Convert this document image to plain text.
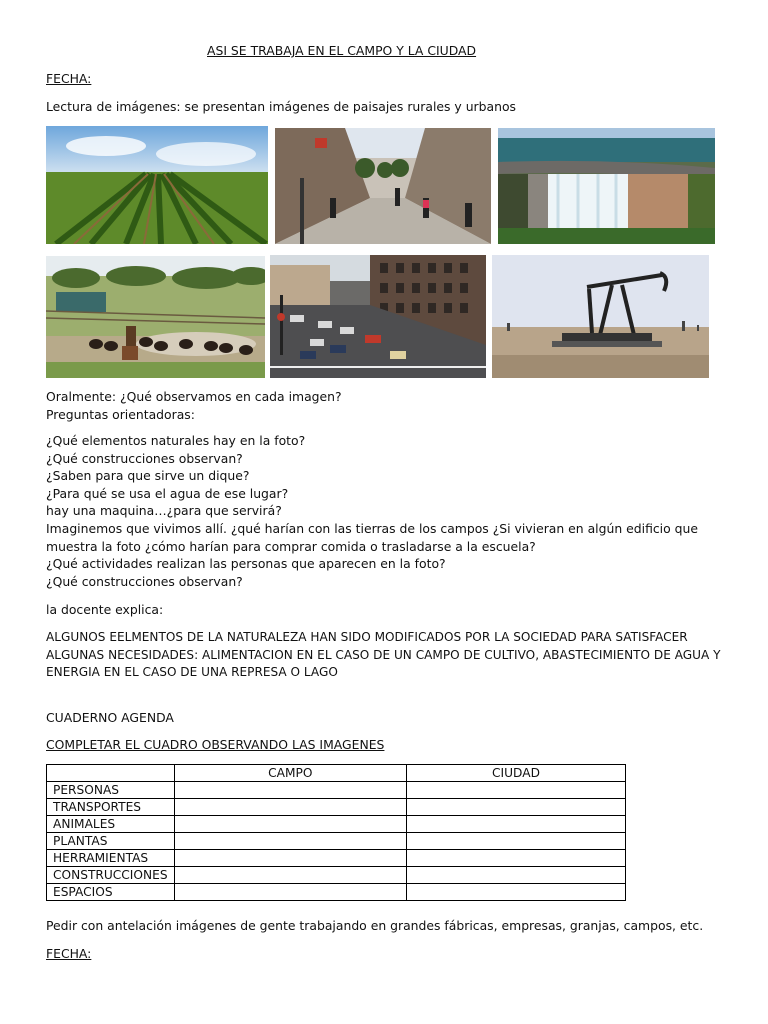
ASI SE TRABAJA EN EL CAMPO Y LA CIUDAD
FECHA:
Lectura de imágenes: se presentan imágenes de paisajes rurales y urbanos
Oralmente: ¿Qué observamos en cada imagen?
Preguntas orientadoras:
¿Qué elementos naturales hay en la foto?
¿Qué construcciones observan?
¿Saben para que sirve un dique?
¿Para qué se usa el agua de ese lugar?
hay una maquina…¿para que servirá?
Imaginemos que vivimos allí. ¿qué harían con las tierras de los campos ¿Si vivieran en algún edificio que muestra la foto ¿cómo harían para comprar comida o trasladarse a la escuela?
¿Qué actividades realizan las personas que aparecen en la foto?
¿Qué construcciones observan?
la docente explica:
ALGUNOS EELMENTOS DE LA NATURALEZA HAN SIDO MODIFICADOS POR LA SOCIEDAD PARA SATISFACER ALGUNAS NECESIDADES: ALIMENTACION EN EL CASO DE UN CAMPO DE CULTIVO, ABASTECIMIENTO DE AGUA Y ENERGIA EN EL CASO DE UNA REPRESA O LAGO
CUADERNO AGENDA
COMPLETAR EL CUADRO OBSERVANDO LAS IMAGENES
	CAMPO	CIUDAD
PERSONAS		
TRANSPORTES		
ANIMALES		
PLANTAS		
HERRAMIENTAS		
CONSTRUCCIONES		
ESPACIOS		
Pedir con antelación imágenes de gente trabajando en grandes fábricas, empresas, granjas, campos, etc.
FECHA:
